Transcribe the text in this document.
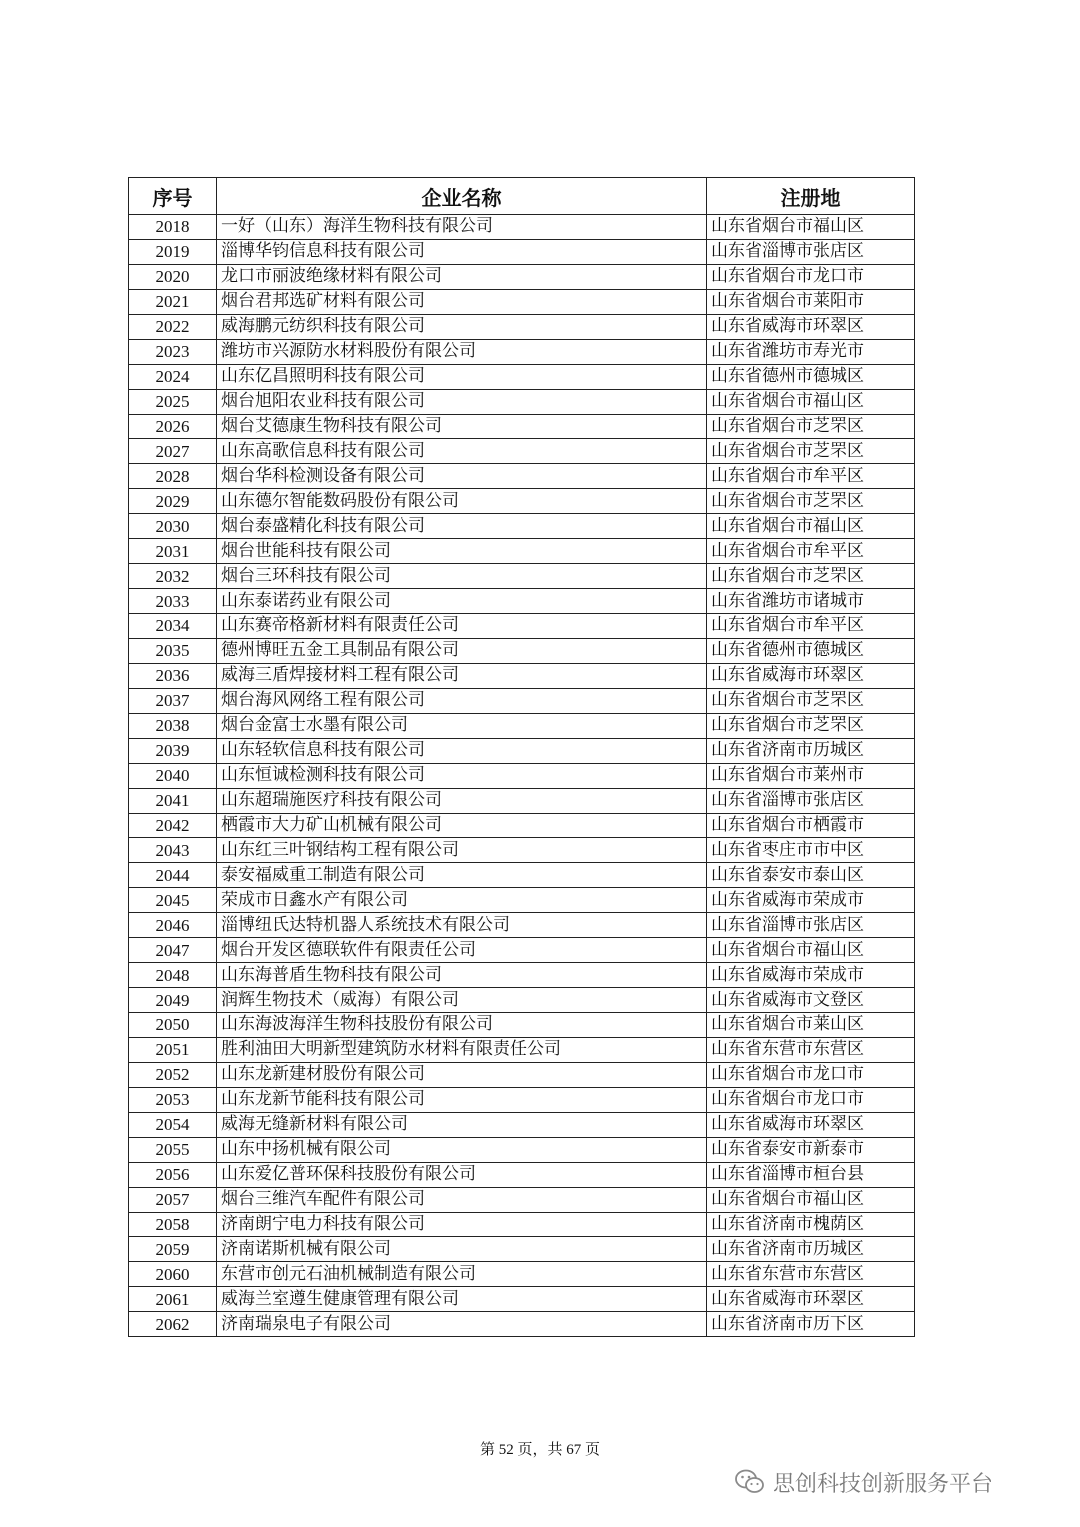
序号	企业名称	注册地
2018	一好（山东）海洋生物科技有限公司	山东省烟台市福山区
2019	淄博华钧信息科技有限公司	山东省淄博市张店区
2020	龙口市丽波绝缘材料有限公司	山东省烟台市龙口市
2021	烟台君邦选矿材料有限公司	山东省烟台市莱阳市
2022	威海鹏元纺织科技有限公司	山东省威海市环翠区
2023	潍坊市兴源防水材料股份有限公司	山东省潍坊市寿光市
2024	山东亿昌照明科技有限公司	山东省德州市德城区
2025	烟台旭阳农业科技有限公司	山东省烟台市福山区
2026	烟台艾德康生物科技有限公司	山东省烟台市芝罘区
2027	山东高歌信息科技有限公司	山东省烟台市芝罘区
2028	烟台华科检测设备有限公司	山东省烟台市牟平区
2029	山东德尔智能数码股份有限公司	山东省烟台市芝罘区
2030	烟台泰盛精化科技有限公司	山东省烟台市福山区
2031	烟台世能科技有限公司	山东省烟台市牟平区
2032	烟台三环科技有限公司	山东省烟台市芝罘区
2033	山东泰诺药业有限公司	山东省潍坊市诸城市
2034	山东赛帝格新材料有限责任公司	山东省烟台市牟平区
2035	德州博旺五金工具制品有限公司	山东省德州市德城区
2036	威海三盾焊接材料工程有限公司	山东省威海市环翠区
2037	烟台海风网络工程有限公司	山东省烟台市芝罘区
2038	烟台金富士水墨有限公司	山东省烟台市芝罘区
2039	山东轻软信息科技有限公司	山东省济南市历城区
2040	山东恒诚检测科技有限公司	山东省烟台市莱州市
2041	山东超瑞施医疗科技有限公司	山东省淄博市张店区
2042	栖霞市大力矿山机械有限公司	山东省烟台市栖霞市
2043	山东红三叶钢结构工程有限公司	山东省枣庄市市中区
2044	泰安福威重工制造有限公司	山东省泰安市泰山区
2045	荣成市日鑫水产有限公司	山东省威海市荣成市
2046	淄博纽氏达特机器人系统技术有限公司	山东省淄博市张店区
2047	烟台开发区德联软件有限责任公司	山东省烟台市福山区
2048	山东海普盾生物科技有限公司	山东省威海市荣成市
2049	润辉生物技术（威海）有限公司	山东省威海市文登区
2050	山东海波海洋生物科技股份有限公司	山东省烟台市莱山区
2051	胜利油田大明新型建筑防水材料有限责任公司	山东省东营市东营区
2052	山东龙新建材股份有限公司	山东省烟台市龙口市
2053	山东龙新节能科技有限公司	山东省烟台市龙口市
2054	威海无缝新材料有限公司	山东省威海市环翠区
2055	山东中扬机械有限公司	山东省泰安市新泰市
2056	山东爱亿普环保科技股份有限公司	山东省淄博市桓台县
2057	烟台三维汽车配件有限公司	山东省烟台市福山区
2058	济南朗宁电力科技有限公司	山东省济南市槐荫区
2059	济南诺斯机械有限公司	山东省济南市历城区
2060	东营市创元石油机械制造有限公司	山东省东营市东营区
2061	威海兰室遵生健康管理有限公司	山东省威海市环翠区
2062	济南瑞泉电子有限公司	山东省济南市历下区
第 52 页，共 67 页
思创科技创新服务平台
